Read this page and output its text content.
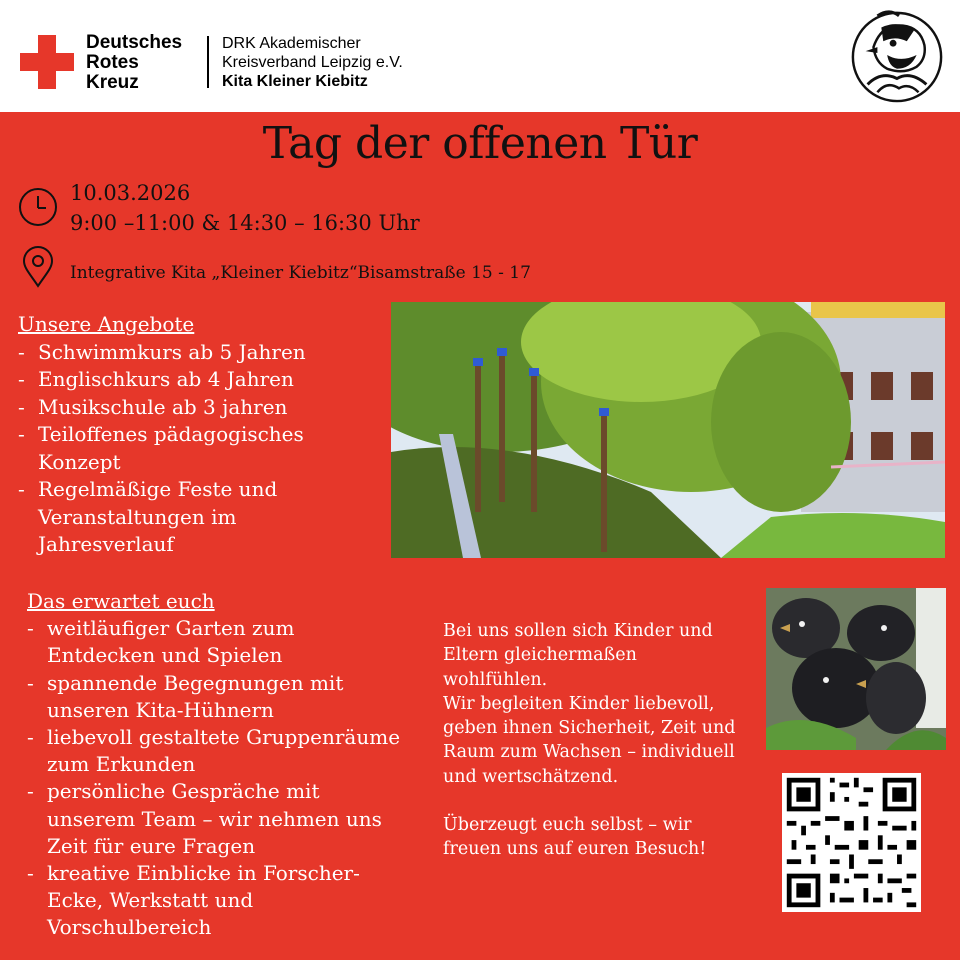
Deutsches
Rotes
Kreuz
DRK Akademischer
Kreisverband Leipzig e.V.
Kita Kleiner Kiebitz
Tag der offenen Tür
10.03.2026
9:00 –11:00 & 14:30 – 16:30 Uhr
Integrative Kita „Kleiner Kiebitz“Bisamstraße 15 - 17
Unsere Angebote
- Schwimmkurs ab 5 Jahren
- Englischkurs ab 4 Jahren
- Musikschule ab 3 jahren
- Teiloffenes pädagogisches Konzept
- Regelmäßige Feste und Veranstaltungen im Jahresverlauf
Das erwartet euch
- weitläufiger Garten zum Entdecken und Spielen
- spannende Begegnungen mit unseren Kita-Hühnern
- liebevoll gestaltete Gruppenräume zum Erkunden
- persönliche Gespräche mit unserem Team – wir nehmen uns Zeit für eure Fragen
- kreative Einblicke in Forscher-Ecke, Werkstatt und Vorschulbereich

Bei uns sollen sich Kinder und Eltern gleichermaßen wohlfühlen.

Wir begleiten Kinder liebevoll, geben ihnen Sicherheit, Zeit und Raum zum Wachsen – individuell und wertschätzend.

Überzeugt euch selbst – wir freuen uns auf euren Besuch!
